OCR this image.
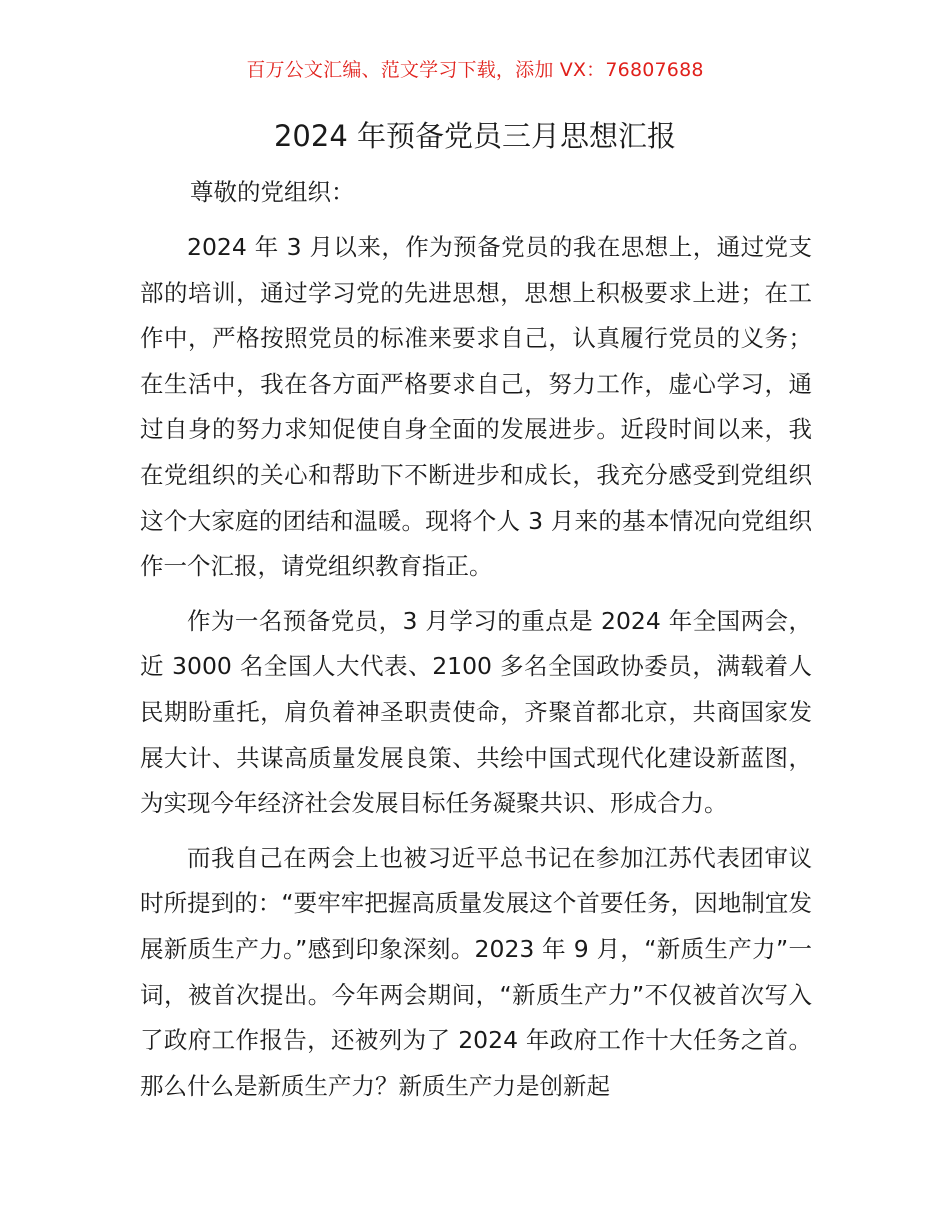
百万公文汇编、范文学习下载，添加 VX：76807688
2024 年预备党员三月思想汇报

尊敬的党组织：

2024 年 3 月以来，作为预备党员的我在思想上，通过党支部的培训，通过学习党的先进思想，思想上积极要求上进；在工作中，严格按照党员的标准来要求自己，认真履行党员的义务；在生活中，我在各方面严格要求自己，努力工作，虚心学习，通过自身的努力求知促使自身全面的发展进步。近段时间以来，我在党组织的关心和帮助下不断进步和成长，我充分感受到党组织这个大家庭的团结和温暖。现将个人 3 月来的基本情况向党组织作一个汇报，请党组织教育指正。

作为一名预备党员，3 月学习的重点是 2024 年全国两会，近 3000 名全国人大代表、2100 多名全国政协委员，满载着人民期盼重托，肩负着神圣职责使命，齐聚首都北京，共商国家发展大计、共谋高质量发展良策、共绘中国式现代化建设新蓝图，为实现今年经济社会发展目标任务凝聚共识、形成合力。

而我自己在两会上也被习近平总书记在参加江苏代表团审议时所提到的：“要牢牢把握高质量发展这个首要任务，因地制宜发展新质生产力。”感到印象深刻。2023 年 9 月，“新质生产力”一词，被首次提出。今年两会期间，“新质生产力”不仅被首次写入了政府工作报告，还被列为了 2024 年政府工作十大任务之首。那么什么是新质生产力？新质生产力是创新起
